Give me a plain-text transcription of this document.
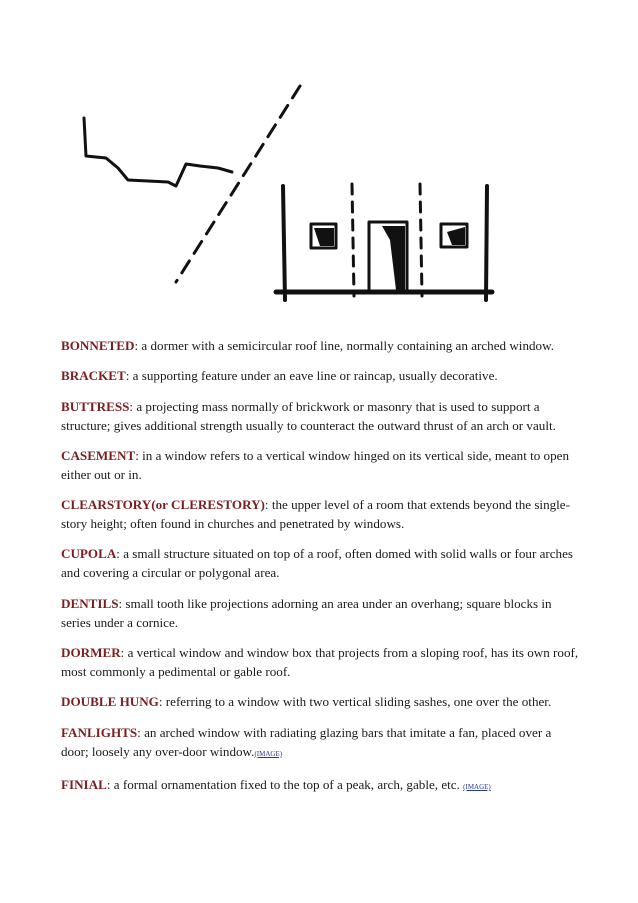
BONNETED: a dormer with a semicircular roof line, normally containing an arched window.

BRACKET: a supporting feature under an eave line or raincap, usually decorative.

BUTTRESS: a projecting mass normally of brickwork or masonry that is used to support a structure; gives additional strength usually to counteract the outward thrust of an arch or vault.

CASEMENT: in a window refers to a vertical window hinged on its vertical side, meant to open either out or in.

CLEARSTORY(or CLERESTORY): the upper level of a room that extends beyond the single-story height; often found in churches and penetrated by windows.

CUPOLA: a small structure situated on top of a roof, often domed with solid walls or four arches and covering a circular or polygonal area.

DENTILS: small tooth like projections adorning an area under an overhang; square blocks in series under a cornice.

DORMER: a vertical window and window box that projects from a sloping roof, has its own roof, most commonly a pedimental or gable roof.

DOUBLE HUNG: referring to a window with two vertical sliding sashes, one over the other.

FANLIGHTS: an arched window with radiating glazing bars that imitate a fan, placed over a door; loosely any over-door window.(IMAGE)

FINIAL: a formal ornamentation fixed to the top of a peak, arch, gable, etc. (IMAGE)
